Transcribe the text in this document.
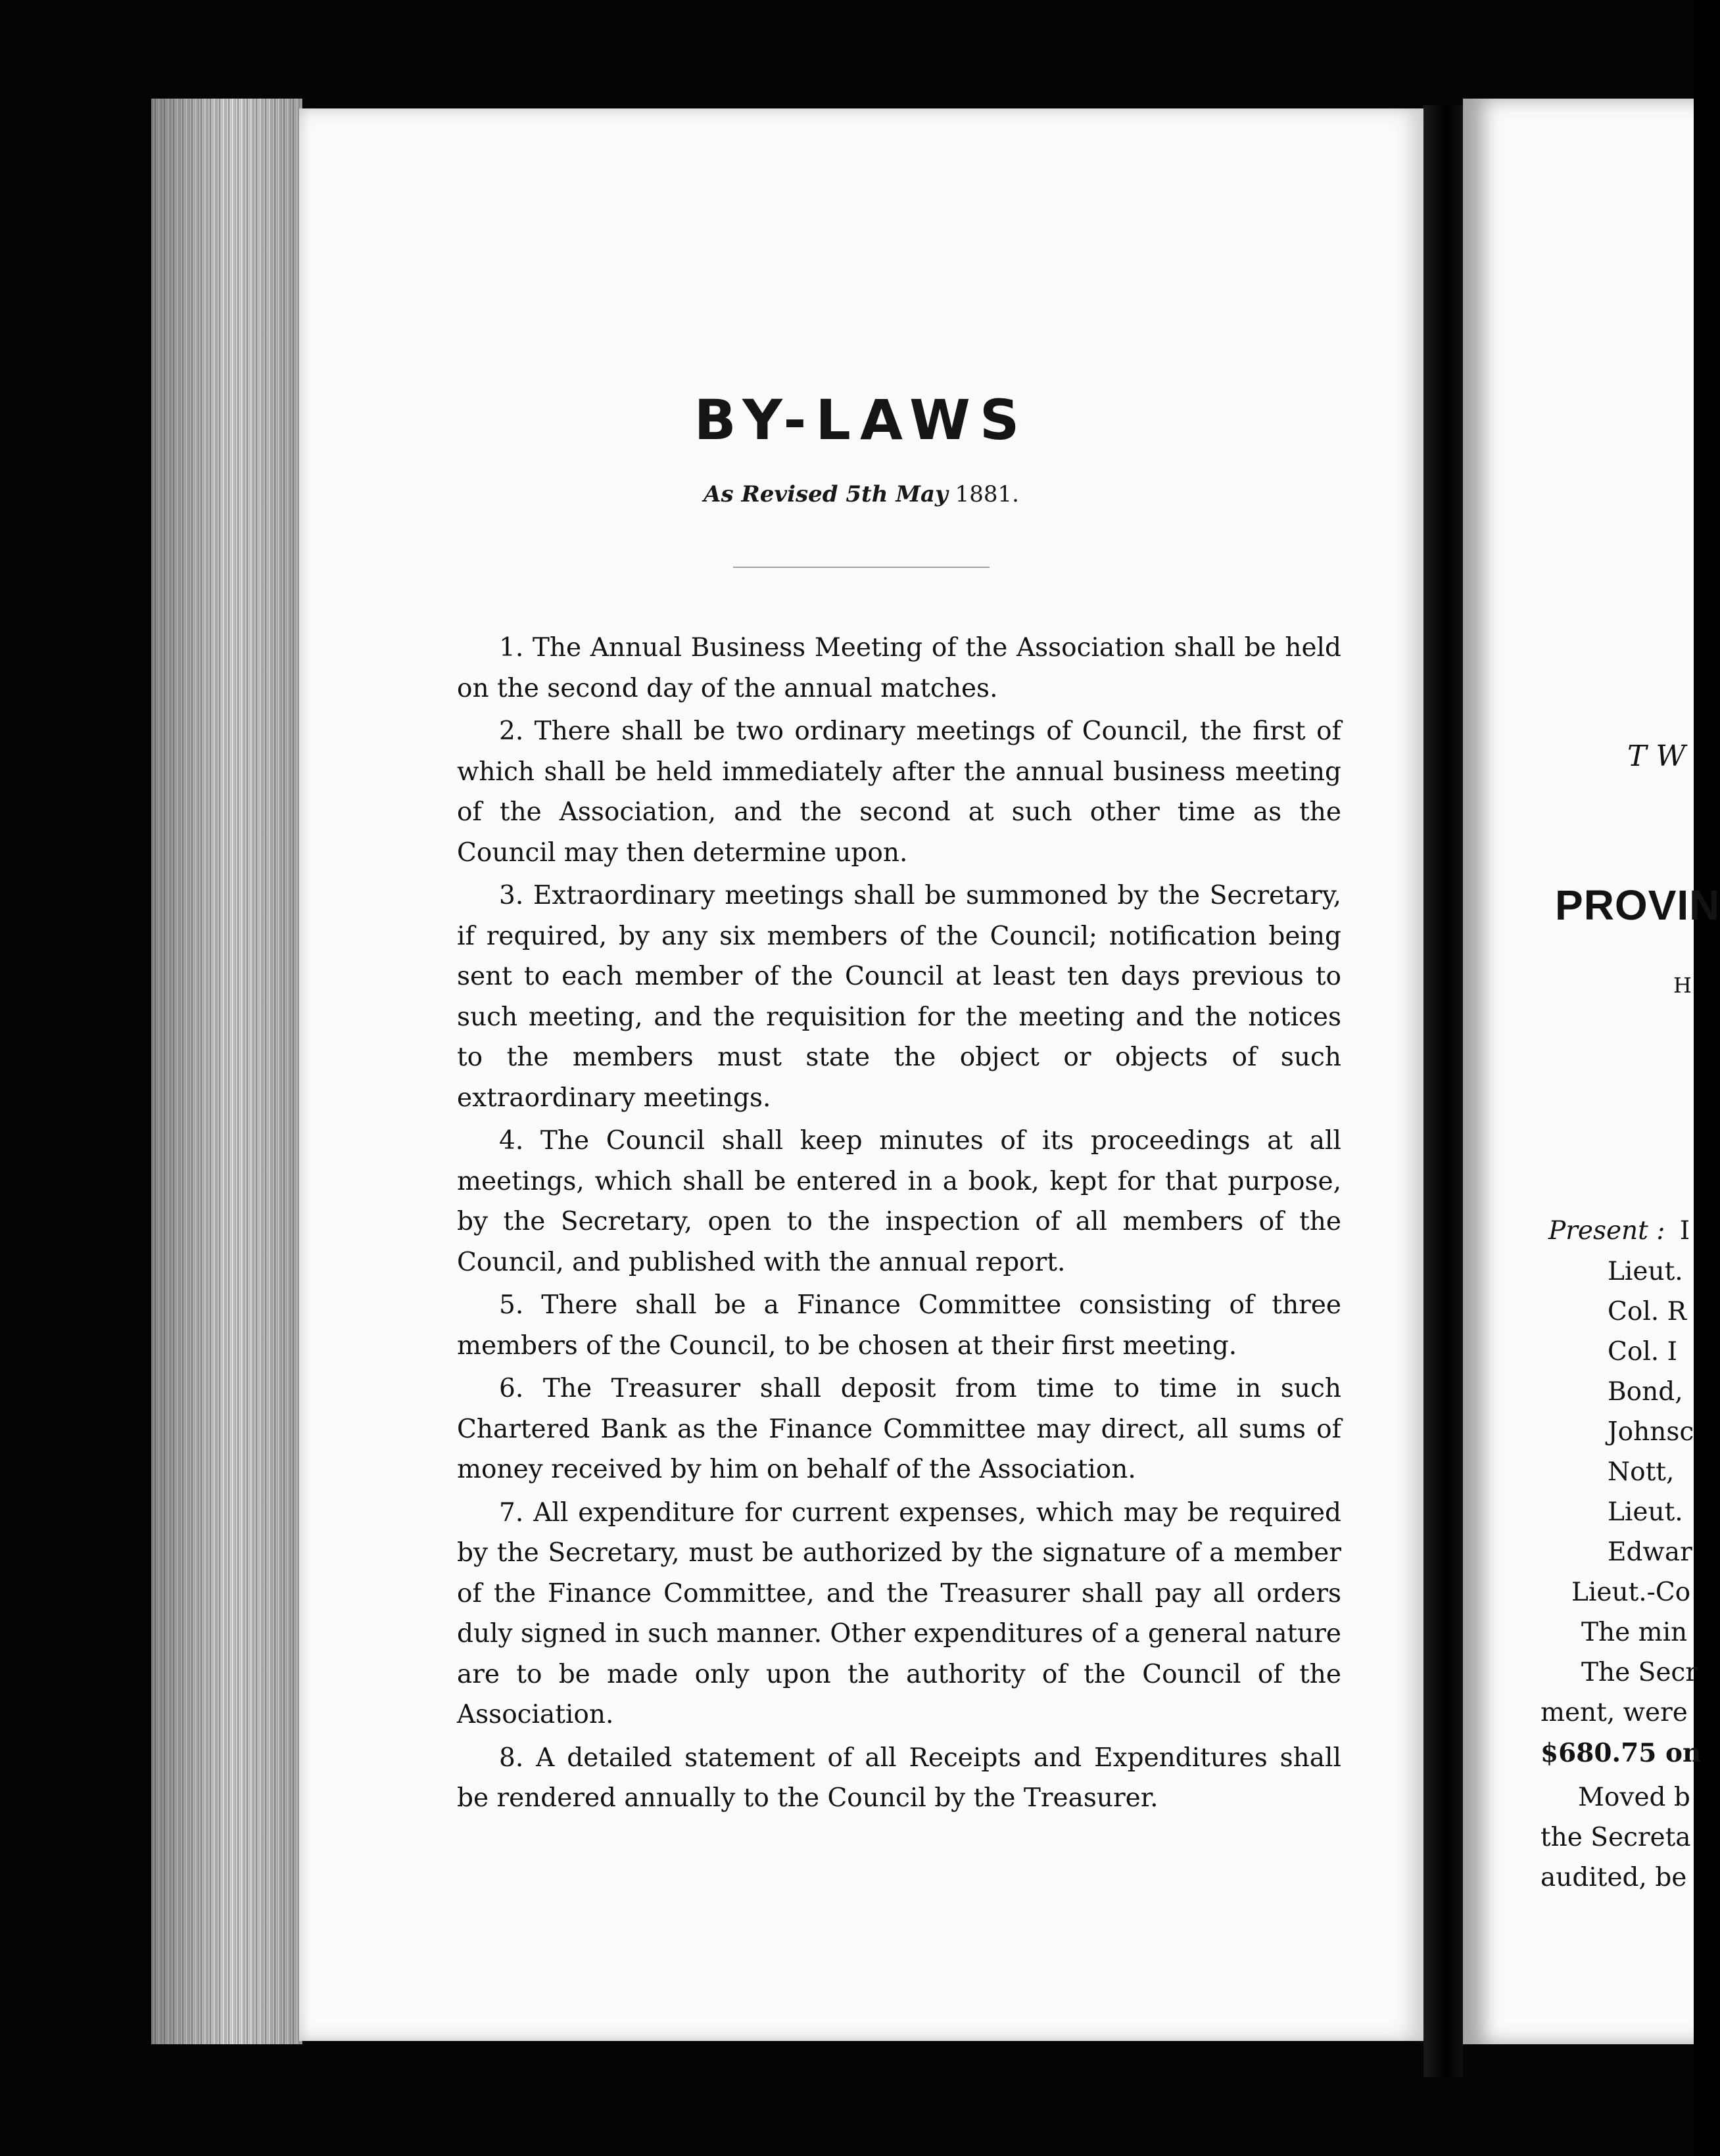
BY-LAWS
As Revised 5th May 1881.

1. The Annual Business Meeting of the Association shall be held on the second day of the annual matches.

2. There shall be two ordinary meetings of Council, the first of which shall be held immediately after the annual business meeting of the Association, and the second at such other time as the Council may then determine upon.

3. Extraordinary meetings shall be summoned by the Secretary, if required, by any six members of the Council; notification being sent to each member of the Council at least ten days previous to such meeting, and the requisition for the meeting and the notices to the members must state the object or objects of such extraordinary meetings.

4. The Council shall keep minutes of its proceedings at all meetings, which shall be entered in a book, kept for that purpose, by the Secretary, open to the inspection of all members of the Council, and published with the annual report.

5. There shall be a Finance Committee consisting of three members of the Council, to be chosen at their first meeting.

6. The Treasurer shall deposit from time to time in such Chartered Bank as the Finance Committee may direct, all sums of money received by him on behalf of the Association.

7. All expenditure for current expenses, which may be required by the Secretary, must be authorized by the signature of a member of the Finance Committee, and the Treasurer shall pay all orders duly signed in such manner. Other expenditures of a general nature are to be made only upon the authority of the Council of the Association.

8. A detailed statement of all Receipts and Expenditures shall be rendered annually to the Council by the Treasurer.

T W
PROVIN
H
Present : I
Lieut.
Col. R
Col. I
Bond,
Johnsc
Nott,
Lieut.
Edwar
Lieut.-Co
The min
The Secr
ment, were
$680.75 on
Moved b
the Secreta
audited, be
